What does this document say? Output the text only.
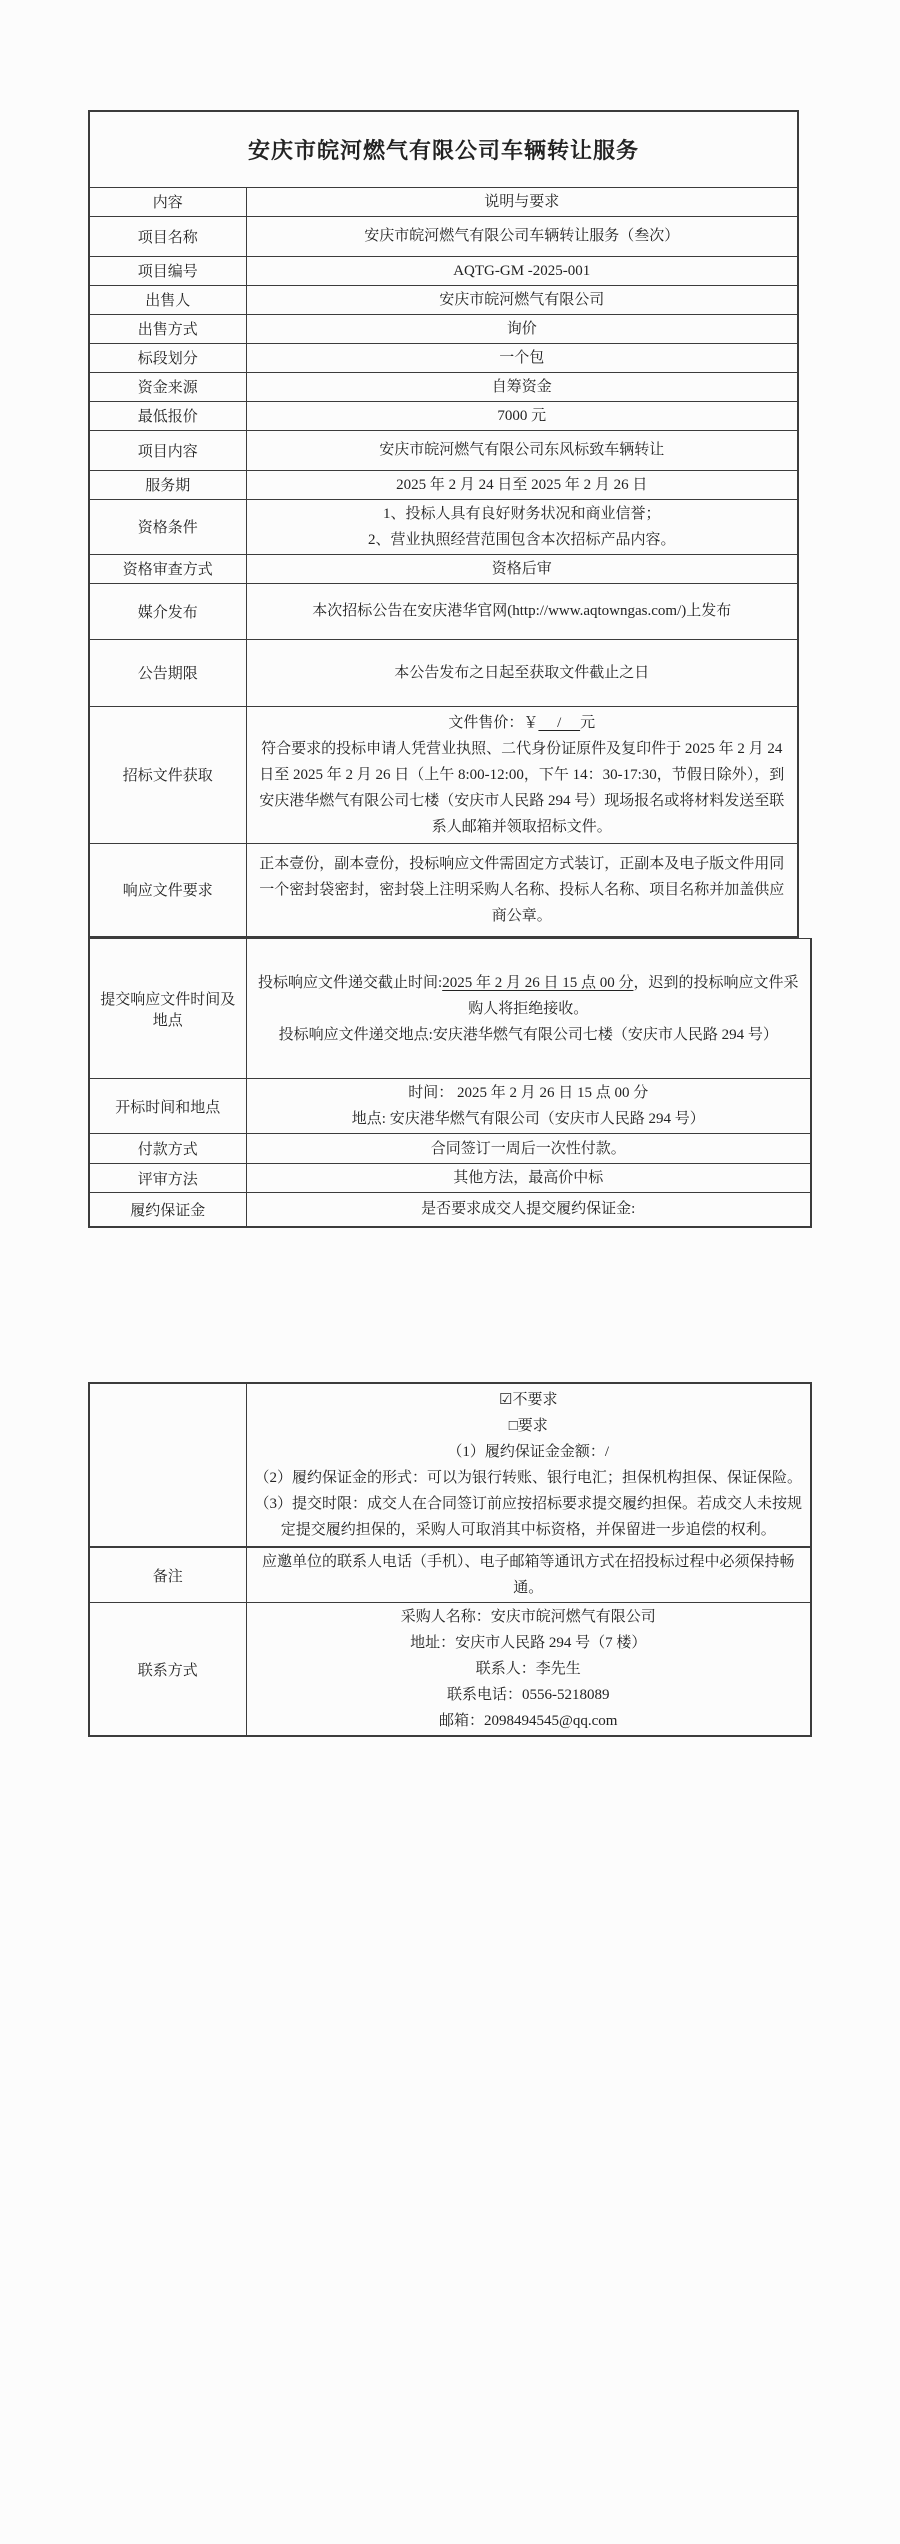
安庆市皖河燃气有限公司车辆转让服务	
内容	说明与要求

项目名称	安庆市皖河燃气有限公司车辆转让服务（叁次）

项目编号	AQTG-GM -2025-001

出售人	安庆市皖河燃气有限公司

出售方式	询价

标段划分	一个包

资金来源	自筹资金

最低报价	7000 元

项目内容	安庆市皖河燃气有限公司东风标致车辆转让

服务期	2025 年 2 月 24 日至 2025 年 2 月 26 日

资格条件	1、投标人具有良好财务状况和商业信誉；
2、营业执照经营范围包含本次招标产品内容。

资格审查方式	资格后审

媒介发布	本次招标公告在安庆港华官网(http://www.aqtowngas.com/)上发布

公告期限	本公告发布之日起至获取文件截止之日

招标文件获取	文件售价：￥　 / 　元
符合要求的投标申请人凭营业执照、二代身份证原件及复印件于 2025 年 2 月 24 日至 2025 年 2 月 26 日（上午 8:00-12:00，下午 14：30-17:30，节假日除外），到安庆港华燃气有限公司七楼（安庆市人民路 294 号）现场报名或将材料发送至联系人邮箱并领取招标文件。

响应文件要求	正本壹份，副本壹份，投标响应文件需固定方式装订，正副本及电子版文件用同一个密封袋密封，密封袋上注明采购人名称、投标人名称、项目名称并加盖供应商公章。
提交响应文件时间及地点	投标响应文件递交截止时间:2025 年 2 月 26 日 15 点 00 分，迟到的投标响应文件采购人将拒绝接收。
投标响应文件递交地点:安庆港华燃气有限公司七楼（安庆市人民路 294 号）

开标时间和地点	时间： 2025 年 2 月 26 日 15 点 00 分
地点: 安庆港华燃气有限公司（安庆市人民路 294 号）

付款方式	合同签订一周后一次性付款。

评审方法	其他方法，最高价中标

履约保证金	是否要求成交人提交履约保证金:

	☑不要求
□要求
（1）履约保证金金额：/
（2）履约保证金的形式：可以为银行转账、银行电汇；担保机构担保、保证保险。
（3）提交时限：成交人在合同签订前应按招标要求提交履约担保。若成交人未按规定提交履约担保的，采购人可取消其中标资格，并保留进一步追偿的权利。

备注	应邀单位的联系人电话（手机）、电子邮箱等通讯方式在招投标过程中必须保持畅通。

联系方式	采购人名称：安庆市皖河燃气有限公司
地址：安庆市人民路 294 号（7 楼）
联系人：李先生
联系电话：0556-5218089
邮箱：2098494545@qq.com
